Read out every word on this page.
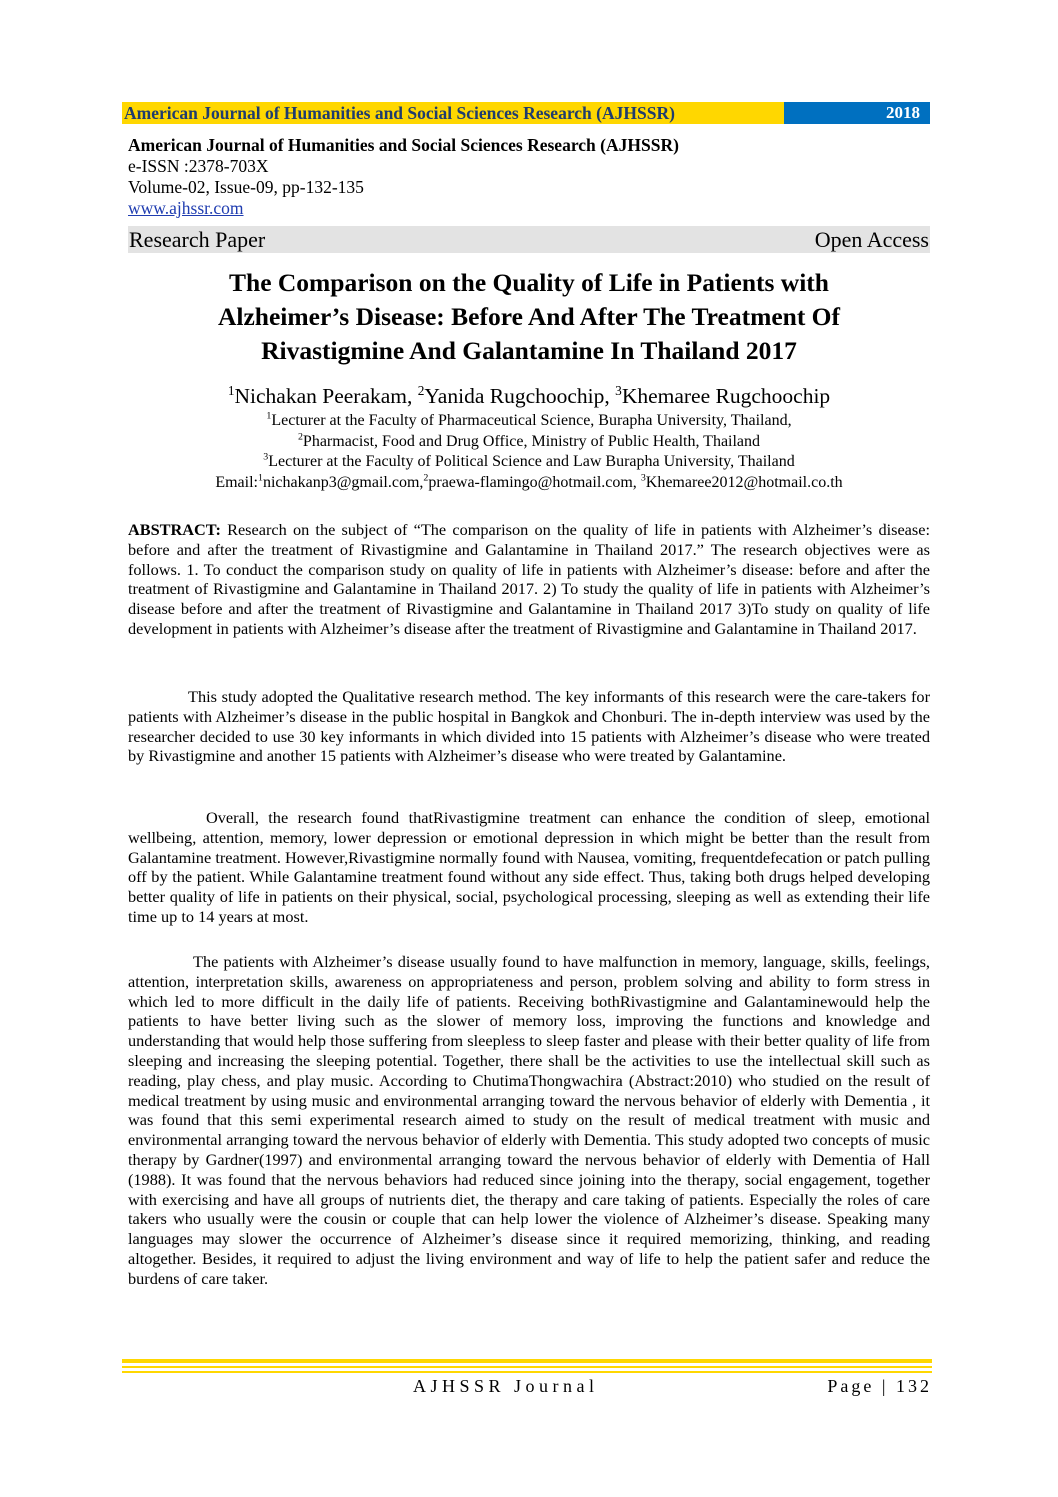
American Journal of Humanities and Social Sciences Research (AJHSSR)	2018
American Journal of Humanities and Social Sciences Research (AJHSSR)
e-ISSN :2378-703X
Volume-02, Issue-09, pp-132-135
www.ajhssr.com
Research Paper	Open Access
The Comparison on the Quality of Life in Patients with
Alzheimer’s Disease: Before And After The Treatment Of
Rivastigmine And Galantamine In Thailand 2017
$^1$Nichakan Peerakam, $^2$Yanida Rugchoochip, $^3$Khemaree Rugchoochip
$^1$Lecturer at the Faculty of Pharmaceutical Science, Burapha University, Thailand,
$^2$Pharmacist, Food and Drug Office, Ministry of Public Health, Thailand
$^3$Lecturer at the Faculty of Political Science and Law Burapha University, Thailand
Email:$^1$nichakanp3@gmail.com,$^2$praewa-flamingo@hotmail.com, $^3$Khemaree2012@hotmail.co.th

ABSTRACT: Research on the subject of “The comparison on the quality of life in patients with Alzheimer’s disease: before and after the treatment of Rivastigmine and Galantamine in Thailand 2017.” The research objectives were as follows. 1. To conduct the comparison study on quality of life in patients with Alzheimer’s disease: before and after the treatment of Rivastigmine and Galantamine in Thailand 2017. 2) To study the quality of life in patients with Alzheimer’s disease before and after the treatment of Rivastigmine and Galantamine in Thailand 2017 3)To study on quality of life development in patients with Alzheimer’s disease after the treatment of Rivastigmine and Galantamine in Thailand 2017.

This study adopted the Qualitative research method. The key informants of this research were the care-takers for patients with Alzheimer’s disease in the public hospital in Bangkok and Chonburi. The in-depth interview was used by the researcher decided to use 30 key informants in which divided into 15 patients with Alzheimer’s disease who were treated by Rivastigmine and another 15 patients with Alzheimer’s disease who were treated by Galantamine.

Overall, the research found thatRivastigmine treatment can enhance the condition of sleep, emotional wellbeing, attention, memory, lower depression or emotional depression in which might be better than the result from Galantamine treatment. However,Rivastigmine normally found with Nausea, vomiting, frequentdefecation or patch pulling off by the patient. While Galantamine treatment found without any side effect. Thus, taking both drugs helped developing better quality of life in patients on their physical, social, psychological processing, sleeping as well as extending their life time up to 14 years at most.

The patients with Alzheimer’s disease usually found to have malfunction in memory, language, skills, feelings, attention, interpretation skills, awareness on appropriateness and person, problem solving and ability to form stress in which led to more difficult in the daily life of patients. Receiving bothRivastigmine and Galantaminewould help the patients to have better living such as the slower of memory loss, improving the functions and knowledge and understanding that would help those suffering from sleepless to sleep faster and please with their better quality of life from sleeping and increasing the sleeping potential. Together, there shall be the activities to use the intellectual skill such as reading, play chess, and play music. According to ChutimaThongwachira (Abstract:2010) who studied on the result of medical treatment by using music and environmental arranging toward the nervous behavior of elderly with Dementia , it was found that this semi experimental research aimed to study on the result of medical treatment with music and environmental arranging toward the nervous behavior of elderly with Dementia. This study adopted two concepts of music therapy by Gardner(1997) and environmental arranging toward the nervous behavior of elderly with Dementia of Hall (1988). It was found that the nervous behaviors had reduced since joining into the therapy, social engagement, together with exercising and have all groups of nutrients diet, the therapy and care taking of patients. Especially the roles of care takers who usually were the cousin or couple that can help lower the violence of Alzheimer’s disease. Speaking many languages may slower the occurrence of Alzheimer’s disease since it required memorizing, thinking, and reading altogether. Besides, it required to adjust the living environment and way of life to help the patient safer and reduce the burdens of care taker.

AJHSSR Journal	Page | 132
